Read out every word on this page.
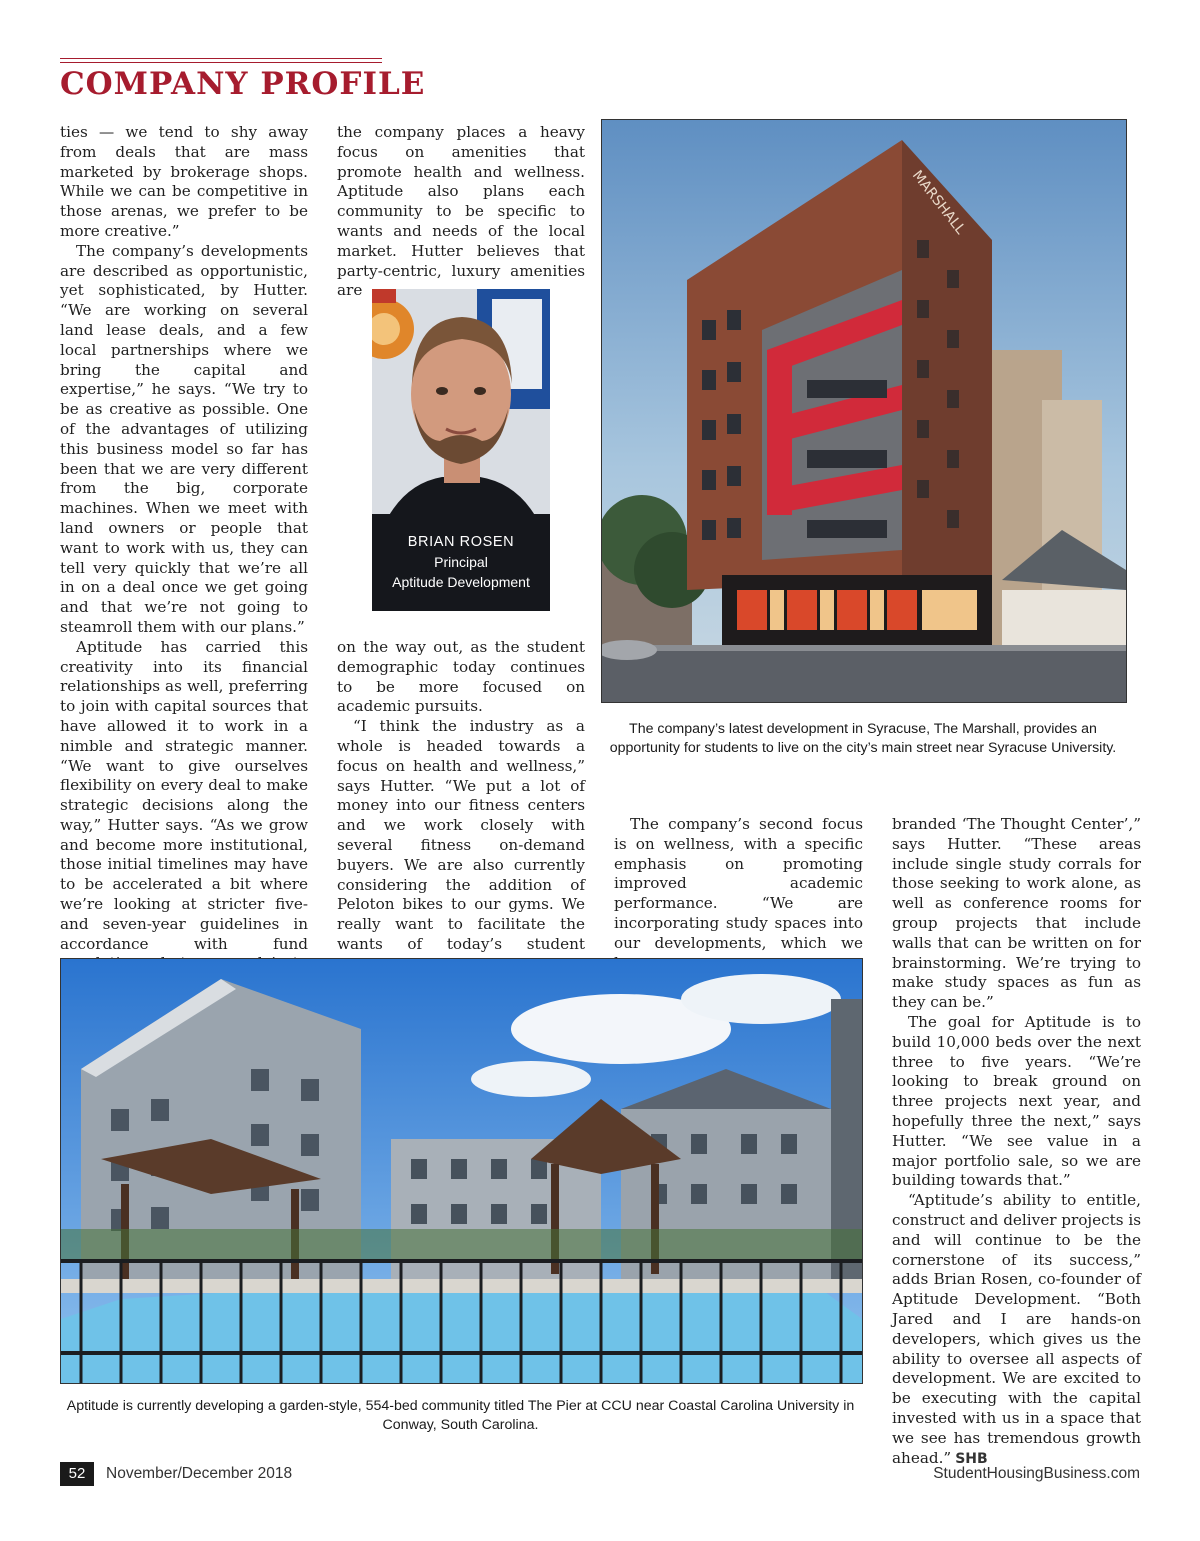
COMPANY PROFILE

ties — we tend to shy away from deals that are mass marketed by brokerage shops. While we can be competitive in those arenas, we prefer to be more creative.”

The company’s developments are described as opportunistic, yet sophisticated, by Hutter. “We are working on several land lease deals, and a few local partnerships where we bring the capital and expertise,” he says. “We try to be as creative as possible. One of the advantages of utilizing this business model so far has been that we are very different from the big, corporate machines. When we meet with land owners or people that want to work with us, they can tell very quickly that we’re all in on a deal once we get going and that we’re not going to steamroll them with our plans.”

Aptitude has carried this creativity into its financial relationships as well, preferring to join with capital sources that have allowed it to work in a nimble and strategic manner. “We want to give ourselves flexibility on every deal to make strategic decisions along the way,” Hutter says. “As we grow and become more institutional, those initial timelines may have to be accelerated a bit where we’re looking at stricter five- and seven-year guidelines in accordance with fund

the company places a heavy focus on amenities that promote health and wellness. Aptitude also plans each community to be specific to wants and needs of the local market. Hutter believes that party-centric, luxury amenities are

BRIAN ROSEN
Principal
Aptitude Development

on the way out, as the student demographic today continues to be more focused on academic pursuits.

“I think the industry as a whole is headed towards a focus on health and wellness,” says Hutter. “We put a lot of money into our fitness centers and we work closely with several fitness on-demand buyers. We are also currently considering the addition of Peloton bikes to our gyms. We really want to facilitate the wants of today’s student

MARSHALL
The company’s latest development in Syracuse, The Marshall, provides an opportunity for students to live on the city’s main street near Syracuse University.

The company’s second focus is on wellness, with a specific emphasis on promoting improved academic performance. “We are incorporating study spaces into our developments, which we

branded ‘The Thought Center’,” says Hutter. “These areas include single study corrals for those seeking to work alone, as well as conference rooms for group projects that include walls that can be written on for brainstorming. We’re trying to make study spaces as fun as they can be.”

The goal for Aptitude is to build 10,000 beds over the next three to five years. “We’re looking to break ground on three projects next year, and hopefully three the next,” says Hutter. “We see value in a major portfolio sale, so we are building towards that.”

“Aptitude’s ability to entitle, construct and deliver projects is and will continue to be the cornerstone of its success,” adds Brian Rosen, co-founder of Aptitude Development. “Both Jared and I are hands-on developers, which gives us the ability to oversee all aspects of development. We are excited to be executing with the capital invested with us in a space that we see has tremendous growth ahead.” SHB

Aptitude is currently developing a garden-style, 554-bed community titled The Pier at CCU near Coastal Carolina University in Conway, South Carolina.
52	November/December 2018	StudentHousingBusiness.com
